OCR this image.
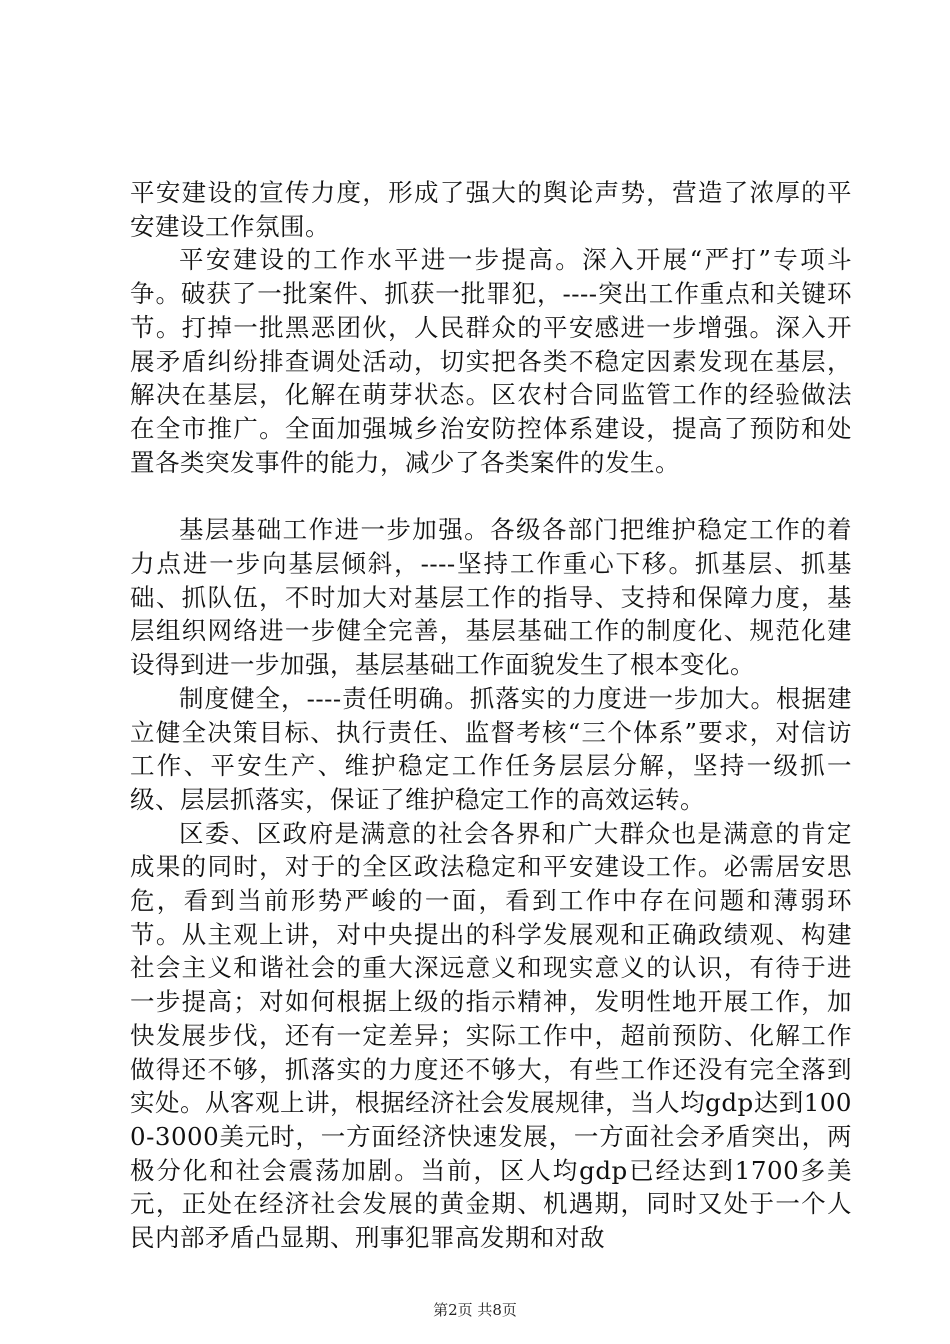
平安建设的宣传力度，形成了强大的舆论声势，营造了浓厚的平安建设工作氛围。

平安建设的工作水平进一步提高。深入开展“严打”专项斗争。破获了一批案件、抓获一批罪犯，----突出工作重点和关键环节。打掉一批黑恶团伙，人民群众的平安感进一步增强。深入开展矛盾纠纷排查调处活动，切实把各类不稳定因素发现在基层，解决在基层，化解在萌芽状态。区农村合同监管工作的经验做法在全市推广。全面加强城乡治安防控体系建设，提高了预防和处置各类突发事件的能力，减少了各类案件的发生。

基层基础工作进一步加强。各级各部门把维护稳定工作的着力点进一步向基层倾斜，----坚持工作重心下移。抓基层、抓基础、抓队伍，不时加大对基层工作的指导、支持和保障力度，基层组织网络进一步健全完善，基层基础工作的制度化、规范化建设得到进一步加强，基层基础工作面貌发生了根本变化。

制度健全，----责任明确。抓落实的力度进一步加大。根据建立健全决策目标、执行责任、监督考核“三个体系”要求，对信访工作、平安生产、维护稳定工作任务层层分解，坚持一级抓一级、层层抓落实，保证了维护稳定工作的高效运转。

区委、区政府是满意的社会各界和广大群众也是满意的肯定成果的同时，对于的全区政法稳定和平安建设工作。必需居安思危，看到当前形势严峻的一面，看到工作中存在问题和薄弱环节。从主观上讲，对中央提出的科学发展观和正确政绩观、构建社会主义和谐社会的重大深远意义和现实意义的认识，有待于进一步提高；对如何根据上级的指示精神，发明性地开展工作，加快发展步伐，还有一定差异；实际工作中，超前预防、化解工作做得还不够，抓落实的力度还不够大，有些工作还没有完全落到实处。从客观上讲，根据经济社会发展规律，当人均gdp达到1000-3000美元时，一方面经济快速发展，一方面社会矛盾突出，两极分化和社会震荡加剧。当前，区人均gdp已经达到1700多美元，正处在经济社会发展的黄金期、机遇期，同时又处于一个人民内部矛盾凸显期、刑事犯罪高发期和对敌

第2页 共8页
